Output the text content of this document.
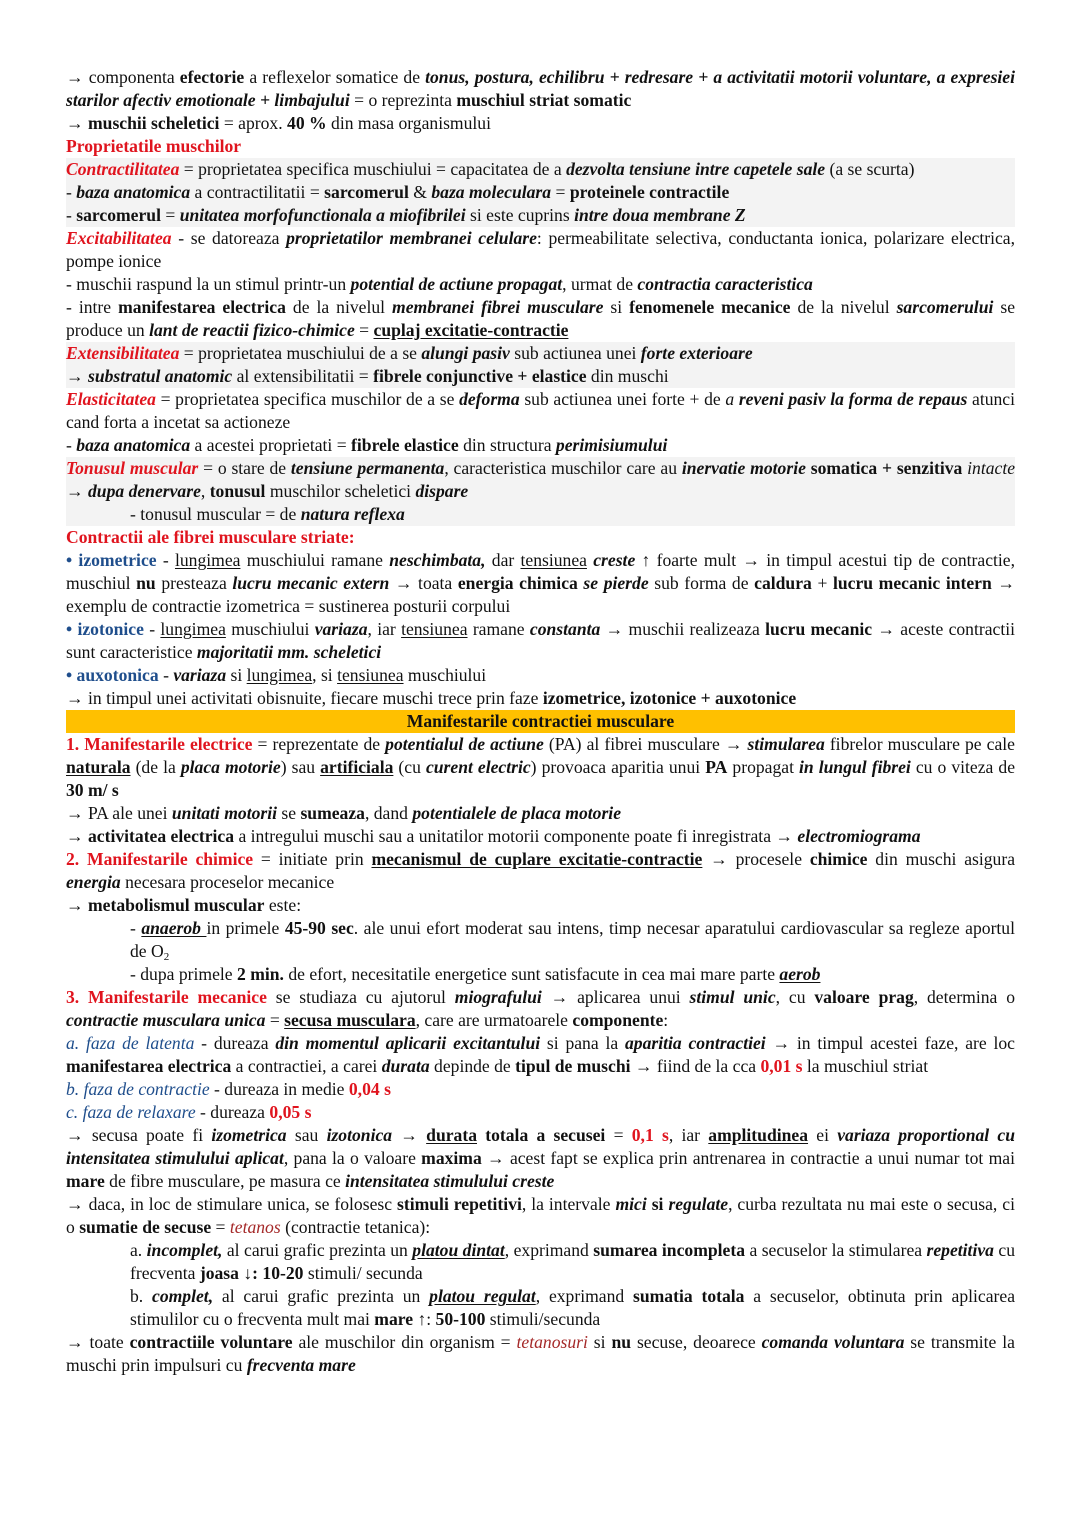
→ componenta efectorie a reflexelor somatice de tonus, postura, echilibru + redresare + a activitatii motorii voluntare, a expresiei starilor afectiv emotionale + limbajului = o reprezinta muschiul striat somatic
→ muschii scheletici = aprox. 40 % din masa organismului
Proprietatile muschilor
Contractilitatea = proprietatea specifica muschiului = capacitatea de a dezvolta tensiune intre capetele sale (a se scurta)
- baza anatomica a contractilitatii = sarcomerul & baza moleculara = proteinele contractile
- sarcomerul = unitatea morfofunctionala a miofibrilei si este cuprins intre doua membrane Z
Excitabilitatea - se datoreaza proprietatilor membranei celulare: permeabilitate selectiva, conductanta ionica, polarizare electrica, pompe ionice
- muschii raspund la un stimul printr-un potential de actiune propagat, urmat de contractia caracteristica
- intre manifestarea electrica de la nivelul membranei fibrei musculare si fenomenele mecanice de la nivelul sarcomerului se produce un lant de reactii fizico-chimice = cuplaj excitatie-contractie
Extensibilitatea = proprietatea muschiului de a se alungi pasiv sub actiunea unei forte exterioare
→ substratul anatomic al extensibilitatii = fibrele conjunctive + elastice din muschi
Elasticitatea = proprietatea specifica muschilor de a se deforma sub actiunea unei forte + de a reveni pasiv la forma de repaus atunci cand forta a incetat sa actioneze
- baza anatomica a acestei proprietati = fibrele elastice din structura perimisiumului
Tonusul muscular = o stare de tensiune permanenta, caracteristica muschilor care au inervatie motorie somatica + senzitiva intacte → dupa denervare, tonusul muschilor scheletici dispare
- tonusul muscular = de natura reflexa
Contractii ale fibrei musculare striate:
• izometrice - lungimea muschiului ramane neschimbata, dar tensiunea creste ↑ foarte mult → in timpul acestui tip de contractie, muschiul nu presteaza lucru mecanic extern → toata energia chimica se pierde sub forma de caldura + lucru mecanic intern → exemplu de contractie izometrica = sustinerea posturii corpului
• izotonice - lungimea muschiului variaza, iar tensiunea ramane constanta → muschii realizeaza lucru mecanic → aceste contractii sunt caracteristice majoritatii mm. scheletici
• auxotonica - variaza si lungimea, si tensiunea muschiului
→ in timpul unei activitati obisnuite, fiecare muschi trece prin faze izometrice, izotonice + auxotonice
Manifestarile contractiei musculare
1. Manifestarile electrice = reprezentate de potentialul de actiune (PA) al fibrei musculare → stimularea fibrelor musculare pe cale naturala (de la placa motorie) sau artificiala (cu curent electric) provoaca aparitia unui PA propagat in lungul fibrei cu o viteza de 30 m/ s
→ PA ale unei unitati motorii se sumeaza, dand potentialele de placa motorie
→ activitatea electrica a intregului muschi sau a unitatilor motorii componente poate fi inregistrata → electromiograma
2. Manifestarile chimice = initiate prin mecanismul de cuplare excitatie-contractie → procesele chimice din muschi asigura energia necesara proceselor mecanice
→ metabolismul muscular este:
- anaerob in primele 45-90 sec. ale unui efort moderat sau intens, timp necesar aparatului cardiovascular sa regleze aportul de $O_2$
- dupa primele 2 min. de efort, necesitatile energetice sunt satisfacute in cea mai mare parte aerob
3. Manifestarile mecanice se studiaza cu ajutorul miografului → aplicarea unui stimul unic, cu valoare prag, determina o contractie musculara unica = secusa musculara, care are urmatoarele componente:
a. faza de latenta - dureaza din momentul aplicarii excitantului si pana la aparitia contractiei → in timpul acestei faze, are loc manifestarea electrica a contractiei, a carei durata depinde de tipul de muschi → fiind de la cca 0,01 s la muschiul striat
b. faza de contractie - dureaza in medie 0,04 s
c. faza de relaxare - dureaza 0,05 s
→ secusa poate fi izometrica sau izotonica → durata totala a secusei = 0,1 s, iar amplitudinea ei variaza proportional cu intensitatea stimulului aplicat, pana la o valoare maxima → acest fapt se explica prin antrenarea in contractie a unui numar tot mai mare de fibre musculare, pe masura ce intensitatea stimulului creste
→ daca, in loc de stimulare unica, se folosesc stimuli repetitivi, la intervale mici si regulate, curba rezultata nu mai este o secusa, ci o sumatie de secuse = tetanos (contractie tetanica):
a. incomplet, al carui grafic prezinta un platou dintat, exprimand sumarea incompleta a secuselor la stimularea repetitiva cu frecventa joasa ↓: 10-20 stimuli/ secunda
b. complet, al carui grafic prezinta un platou regulat, exprimand sumatia totala a secuselor, obtinuta prin aplicarea stimulilor cu o frecventa mult mai mare ↑: 50-100 stimuli/secunda
→ toate contractiile voluntare ale muschilor din organism = tetanosuri si nu secuse, deoarece comanda voluntara se transmite la muschi prin impulsuri cu frecventa mare
